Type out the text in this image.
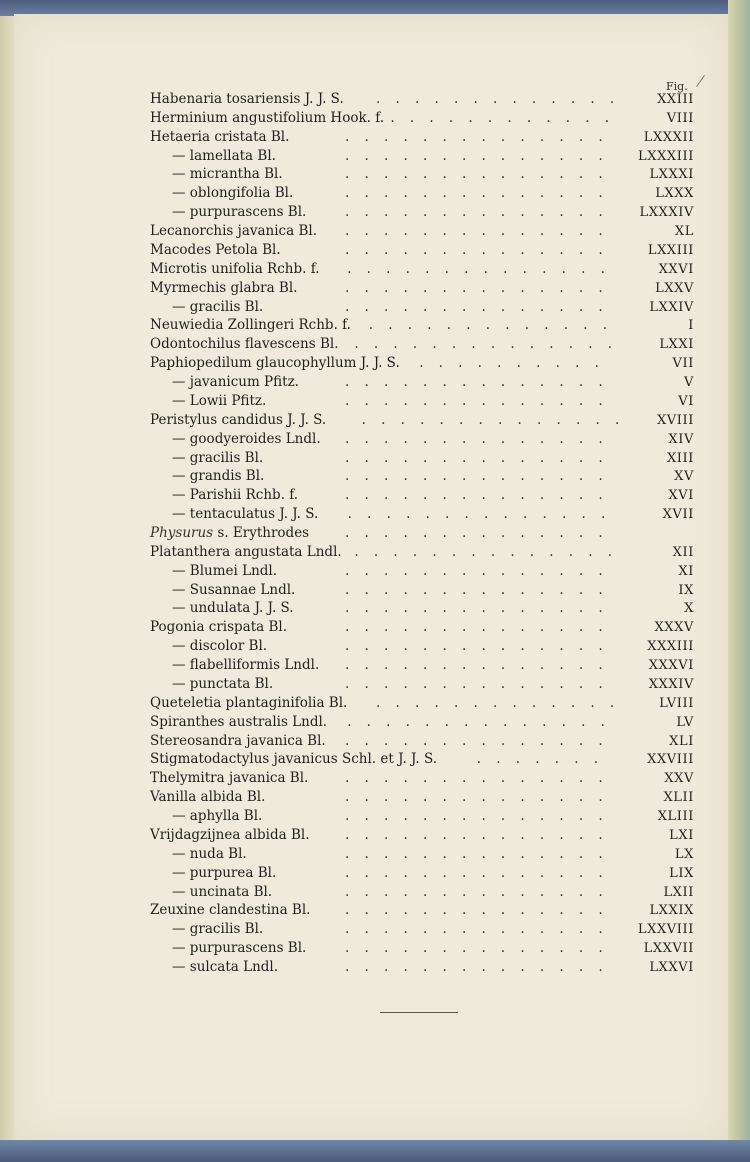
Fig.
Habenaria tosariensis J. J. S. ............. XXIII
Herminium angustifolium Hook. f. ............	VIII
Hetaeria cristata Bl.	.............. LXXXII
— lamellata Bl.	.............. LXXXIII
— micrantha Bl.	.............. LXXXI
— oblongifolia Bl.	..............	LXXX
— purpurascens Bl.	.............. LXXXIV
Lecanorchis javanica Bl. ..............	XL
Macodes Petola Bl.	.............. LXXIII
Microtis unifolia Rchb. f. ..............	XXVI
Myrmechis glabra Bl.	..............	LXXV
— gracilis Bl.	.............. LXXIV
Neuwiedia Zollingeri Rchb. f. .............	I
Odontochilus flavescens Bl. .............. LXXI
Paphiopedilum glaucophyllum J. J. S. ..........	VII
— javanicum Pfitz.	..............	V
— Lowii Pfitz.	..............	VI
Peristylus candidus J. J. S.	.............. XVIII
— goodyeroides Lndl. ..............	XIV
— gracilis Bl.	..............	XIII
— grandis Bl.	..............	XV
— Parishii Rchb. f.	..............	XVI
— tentaculatus J. J. S. ..............	XVII
Physurus s. Erythrodes	..............
Platanthera angustata Lndl. ..............	XII
— Blumei Lndl.	..............	XI
— Susannae Lndl.	..............	IX
— undulata J. J. S.	..............	X
Pogonia crispata Bl.	..............	XXXV
— discolor Bl.	.............. XXXIII
— flabelliformis Lndl. .............. XXXVI
— punctata Bl.	.............. XXXIV
Queteletia plantaginifolia Bl. ............. LVIII
Spiranthes australis Lndl. ..............	LV
Stereosandra javanica Bl. ..............	XLI
Stigmatodactylus javanicus Schl. et J. J. S.	.......	XXVIII
Thelymitra javanica Bl.	..............	XXV
Vanilla albida Bl.	..............	XLII
— aphylla Bl.	..............	XLIII
Vrijdagzijnea albida Bl.	..............	LXI
— nuda Bl.	..............	LX
— purpurea Bl.	..............	LIX
— uncinata Bl.	..............	LXII
Zeuxine clandestina Bl.	.............. LXXIX
— gracilis Bl.	.............. LXXVIII
— purpurascens Bl.	.............. LXXVII
— sulcata Lndl.	.............. LXXVI
